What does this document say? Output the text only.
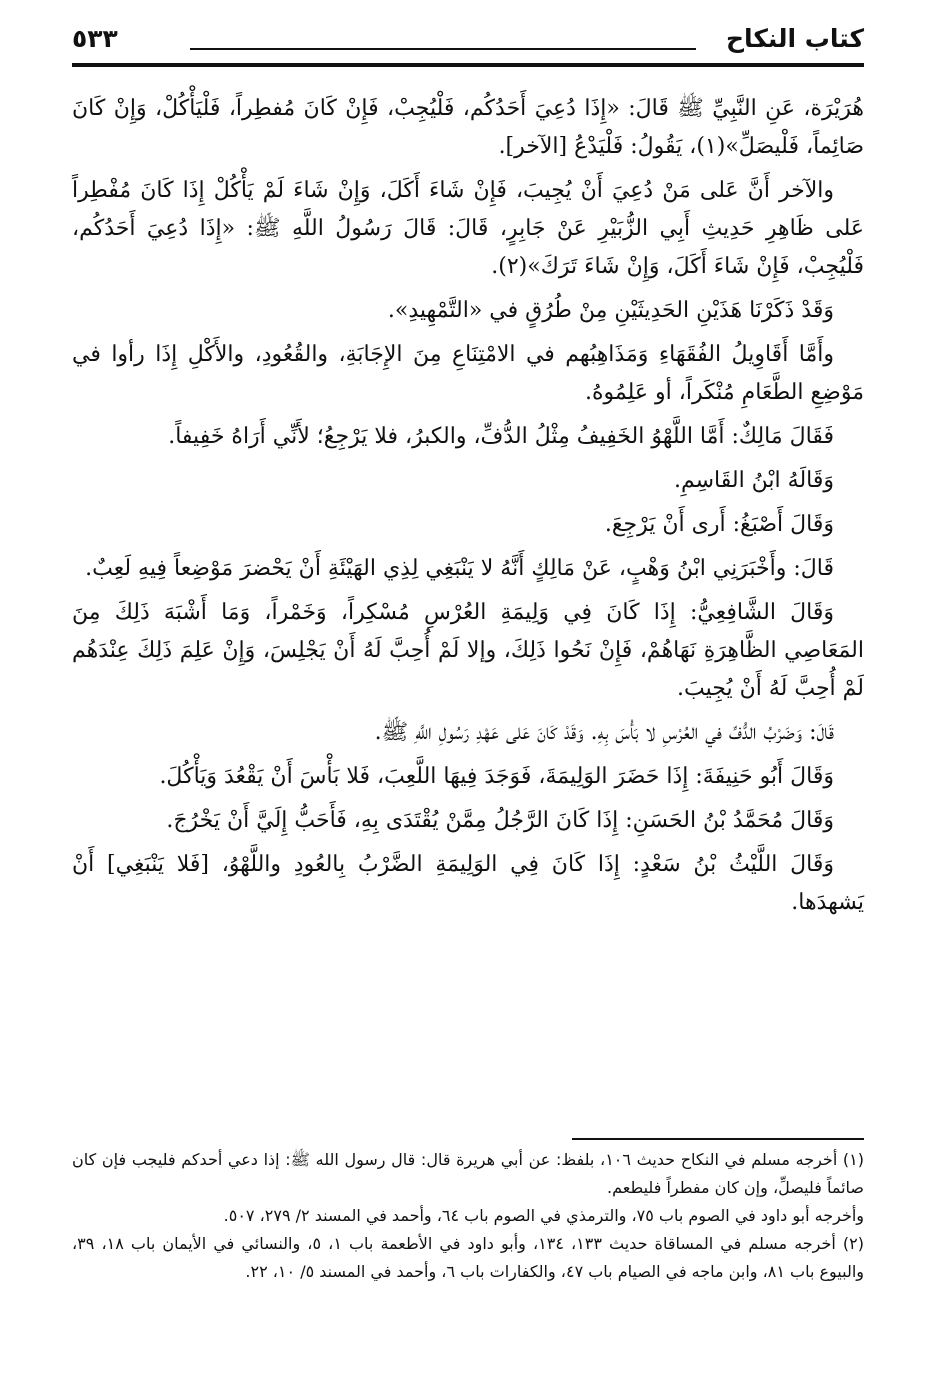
كتاب النكاح
٥٣٣

هُرَيْرَة، عَنِ النَّبِيِّ ﷺ قَالَ: «إِذَا دُعِيَ أَحَدُكُم، فَلْيُجِبْ، فَإِنْ كَانَ مُفطِراً، فَلْيَأْكُلْ، وَإِنْ كَانَ صَائِماً، فَلْيصَلِّ»(١)، يَقُولُ: فَلْيَدْعُ [الآخر].

والآخر أَنَّ عَلى مَنْ دُعِيَ أَنْ يُجِيبَ، فَإِنْ شَاءَ أَكَلَ، وَإِنْ شَاءَ لَمْ يَأْكُلْ إِذَا كَانَ مُفْطِراً عَلى ظَاهِرِ حَدِيثِ أَبِي الزُّبَيْرِ عَنْ جَابِرٍ، قَالَ: قَالَ رَسُولُ اللَّهِ ﷺ: «إِذَا دُعِيَ أَحَدُكُم، فَلْيُجِبْ، فَإِنْ شَاءَ أَكَلَ، وَإِنْ شَاءَ تَرَكَ»(٢).

وَقَدْ ذَكَرْنَا هَذَيْنِ الحَدِيثَيْنِ مِنْ طُرُقٍ في «التَّمْهِيدِ».

وأَمَّا أَقَاوِيلُ الفُقَهَاءِ وَمَذَاهِبُهم في الامْتِنَاعِ مِنَ الإِجَابَةِ، والقُعُودِ، والأَكْلِ إِذَا رأوا في مَوْضِعِ الطَّعَامِ مُنْكَراً، أو عَلِمُوهُ.

فَقَالَ مَالِكٌ: أَمَّا اللَّهْوُ الخَفِيفُ مِثْلُ الدُّفِّ، والكبرُ، فلا يَرْجِعُ؛ لأَنِّي أَرَاهُ خَفِيفاً.

وَقَالَهُ ابْنُ القَاسِمِ.

وَقَالَ أَصْبَغُ: أَرى أَنْ يَرْجِعَ.

قَالَ: وأَخْبَرَنِي ابْنُ وَهْبٍ، عَنْ مَالِكٍ أَنَّهُ لا يَنْبَغِي لِذِي الهَيْئَةِ أَنْ يَحْضرَ مَوْضِعاً فِيهِ لَعِبٌ.

وَقَالَ الشَّافِعِيُّ: إِذَا كَانَ فِي وَلِيمَةِ العُرْسِ مُسْكِراً، وَخَمْراً، وَمَا أَشْبَهَ ذَلِكَ مِنَ المَعَاصِي الظَّاهِرَةِ نَهَاهُمْ، فَإِنْ نَحُوا ذَلِكَ، وإلا لَمْ أُحِبَّ لَهُ أَنْ يَجْلِسَ، وَإِنْ عَلِمَ ذَلِكَ عِنْدَهُم لَمْ أُحِبَّ لَهُ أَنْ يُجِيبَ.

قَالَ: وَضَرْبُ الدُّفِّ في العُرْسِ لا بَأْسَ بِهِ. وَقَدْ كَانَ عَلى عَهْدِ رَسُولِ اللَّهِ ﷺ.

وَقَالَ أَبُو حَنِيفَةَ: إِذَا حَضَرَ الوَلِيمَةَ، فَوَجَدَ فِيهَا اللَّعِبَ، فَلا بَأْسَ أَنْ يَقْعُدَ وَيَأْكُلَ.

وَقَالَ مُحَمَّدُ بْنُ الحَسَنِ: إِذَا كَانَ الرَّجُلُ مِمَّنْ يُقْتَدَى بِهِ، فَأَحَبُّ إِلَيَّ أَنْ يَخْرُجَ.

وَقَالَ اللَّيْثُ بْنُ سَعْدٍ: إِذَا كَانَ فِي الوَلِيمَةِ الضَّرْبُ بِالعُودِ واللَّهْوُ، [فَلا يَنْبَغِي] أَنْ يَشهدَها.

(١) أخرجه مسلم في النكاح حديث ١٠٦، بلفظ: عن أبي هريرة قال: قال رسول الله ﷺ: إذا دعي أحدكم فليجب فإن كان صائماً فليصلِّ، وإن كان مفطراً فليطعم.

وأخرجه أبو داود في الصوم باب ٧٥، والترمذي في الصوم باب ٦٤، وأحمد في المسند ٢/ ٢٧٩، ٥٠٧.

(٢) أخرجه مسلم في المساقاة حديث ١٣٣، ١٣٤، وأبو داود في الأطعمة باب ١، ٥، والنسائي في الأيمان باب ١٨، ٣٩، والبيوع باب ٨١، وابن ماجه في الصيام باب ٤٧، والكفارات باب ٦، وأحمد في المسند ٥/ ١٠، ٢٢.
